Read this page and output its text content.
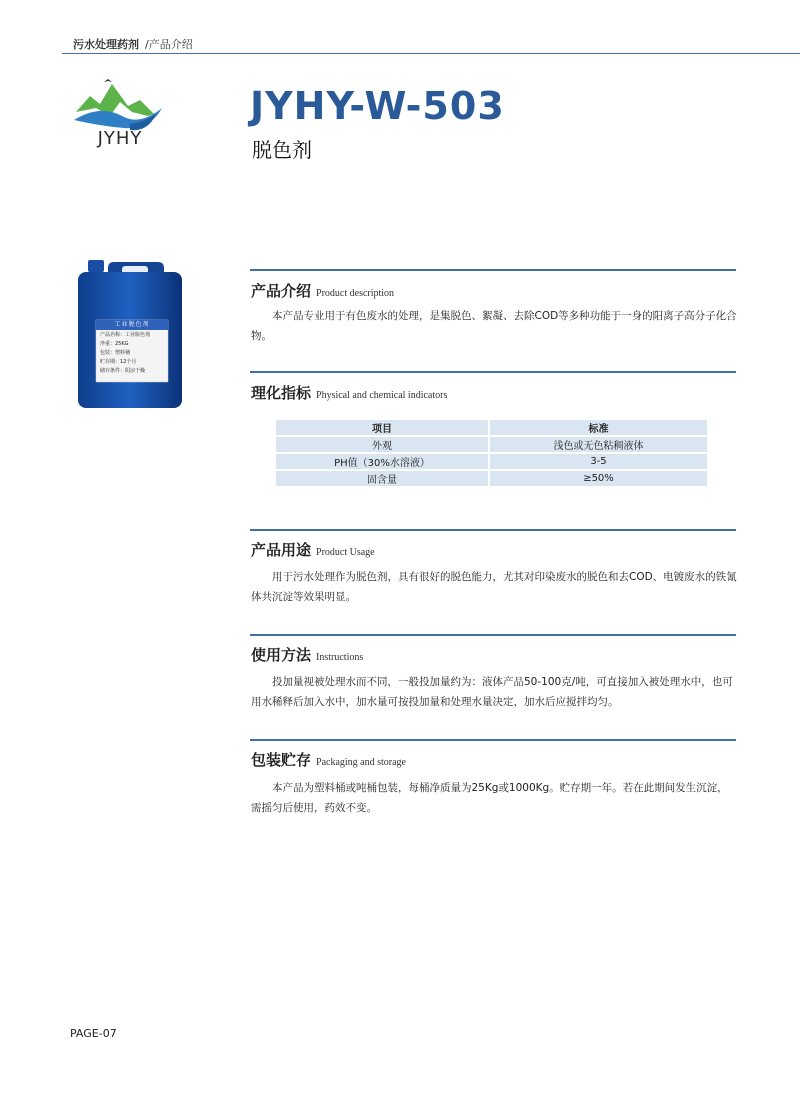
污水处理药剂 /产品介绍
JYHY
JYHY-W-503
脱色剂
工业脱色剂
产品名称：工业脱色剂
净重：25KG
包装：塑料桶
贮存期：12个月
储存条件：阴凉干燥
产品介绍 Product description
本产品专业用于有色废水的处理，是集脱色、絮凝、去除COD等多种功能于一身的阳离子高分子化合物。
理化指标 Physical and chemical indicators
项目	标准
外观	浅色或无色粘稠液体
PH值（30%水溶液）	3-5
固含量	≥50%
产品用途 Product Usage
用于污水处理作为脱色剂，具有很好的脱色能力，尤其对印染废水的脱色和去COD、电镀废水的铁氰体共沉淀等效果明显。
使用方法 Instructions
投加量视被处理水而不同，一般投加量约为：液体产品50-100克/吨，可直接加入被处理水中，也可用水稀释后加入水中，加水量可按投加量和处理水量决定，加水后应搅拌均匀。
包装贮存 Packaging and storage
本产品为塑料桶或吨桶包装，每桶净质量为25Kg或1000Kg。贮存期一年。若在此期间发生沉淀，需摇匀后使用，药效不变。
PAGE-07
